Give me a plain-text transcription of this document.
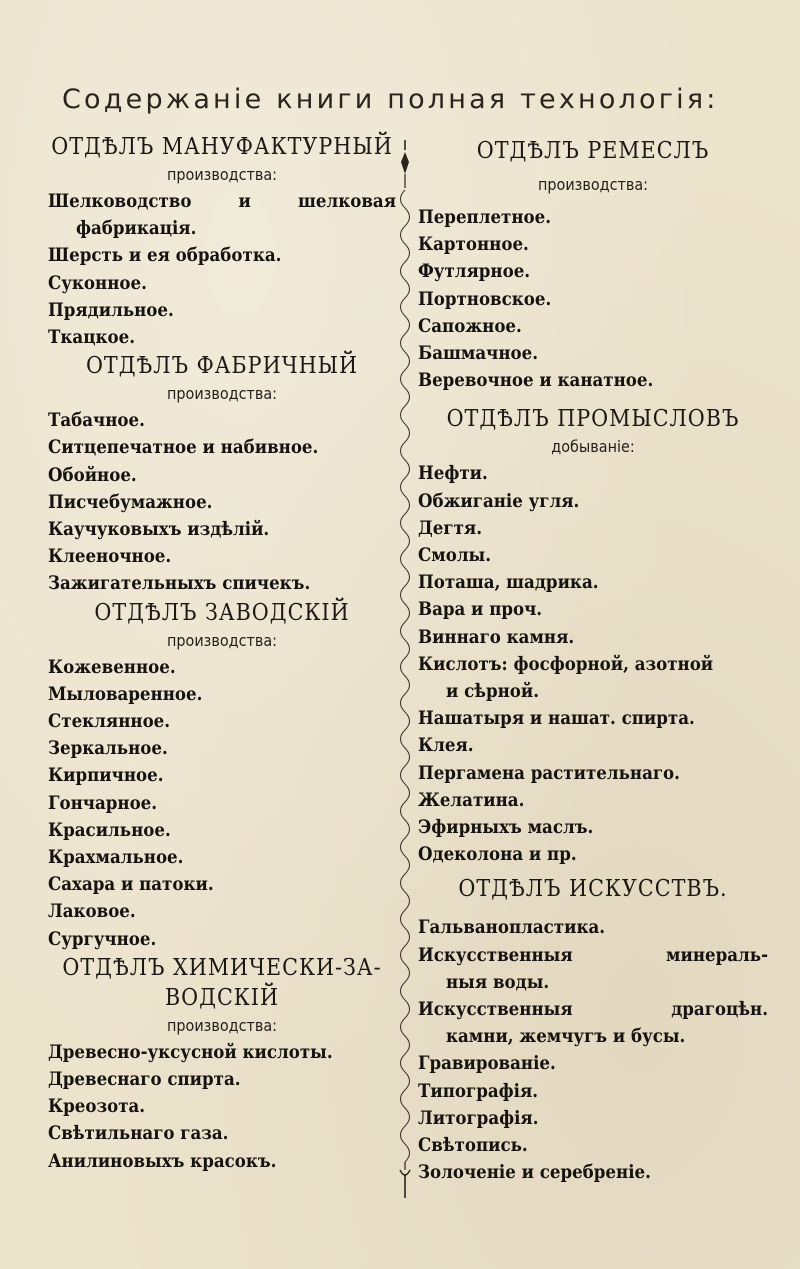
Содержанiе книги полная технологiя:
ОТДѢЛЪ МАНУФАКТУРНЫЙ
производства:
Шелководство и шелковая
фабрикацiя.
Шерсть и ея обработка.
Суконное.
Прядильное.
Ткацкое.
ОТДѢЛЪ ФАБРИЧНЫЙ
производства:
Табачное.
Ситцепечатное и набивное.
Обойное.
Писчебумажное.
Каучуковыхъ издѣлiй.
Клееночное.
Зажигательныхъ спичекъ.
ОТДѢЛЪ ЗАВОДСКIЙ
производства:
Кожевенное.
Мыловаренное.
Стеклянное.
Зеркальное.
Кирпичное.
Гончарное.
Красильное.
Крахмальное.
Сахара и патоки.
Лаковое.
Сургучное.
ОТДѢЛЪ ХИМИЧЕСКИ-ЗА-
ВОДСКIЙ
производства:
Древесно-уксусной кислоты.
Древеснаго спирта.
Креозота.
Свѣтильнаго газа.
Анилиновыхъ красокъ.
ОТДѢЛЪ РЕМЕСЛЪ
производства:
Переплетное.
Картонное.
Футлярное.
Портновское.
Сапожное.
Башмачное.
Веревочное и канатное.
ОТДѢЛЪ ПРОМЫСЛОВЪ
добыванiе:
Нефти.
Обжиганiе угля.
Дегтя.
Смолы.
Поташа, шадрика.
Вара и проч.
Виннаго камня.
Кислотъ: фосфорной, азотной
и сѣрной.
Нашатыря и нашат. спирта.
Клея.
Пергамена растительнаго.
Желатина.
Эфирныхъ маслъ.
Одеколона и пр.
ОТДѢЛЪ ИСКУССТВЪ.
Гальванопластика.
Искусственныя минераль-
ныя воды.
Искусственныя драгоцѣн.
камни, жемчугъ и бусы.
Гравированiе.
Типографiя.
Литографiя.
Свѣтопись.
Золоченiе и серебренiе.
